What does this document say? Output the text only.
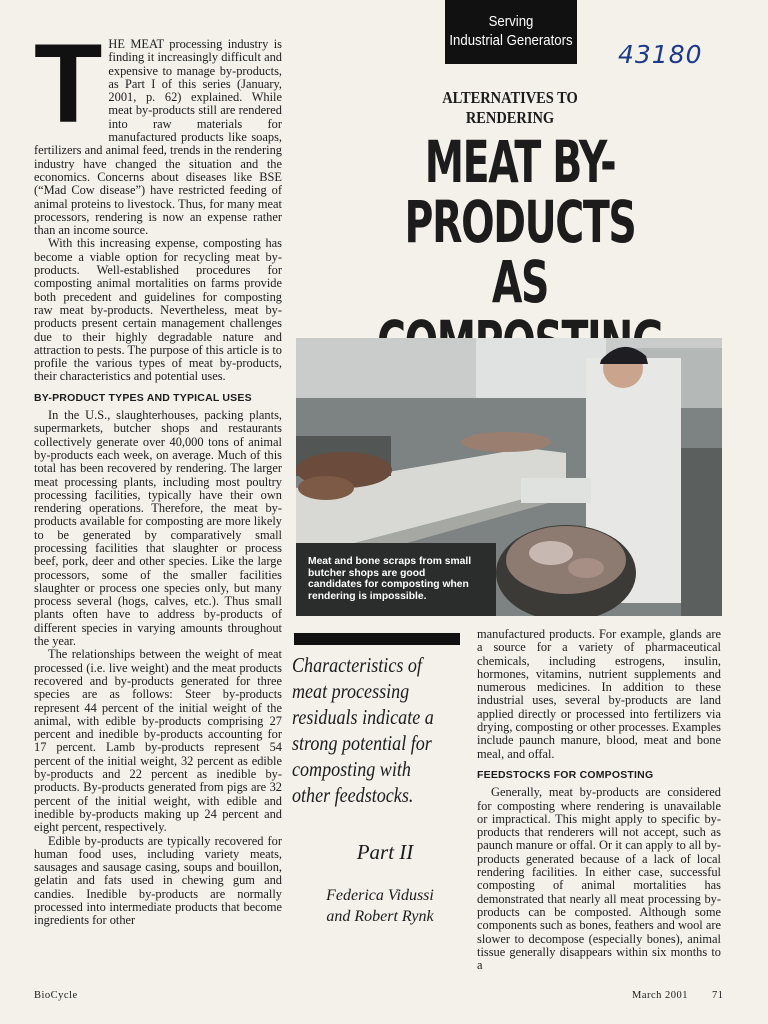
Serving
Industrial Generators 43180
ALTERNATIVES TO RENDERING
MEAT BY-PRODUCTS
AS
T HE MEAT processing industry is finding it increasingly difficult and expensive to manage by-products, as Part I of this series (January, 2001, p. 62) explained. While meat by-products still are rendered into raw materials for manufactured products like soaps, fertilizers and animal feed, trends in the rendering industry have changed the situation and the economics. Concerns about diseases like BSE (“Mad Cow disease”) have restricted feeding of animal proteins to livestock. Thus, for many meat processors, rendering is now an expense rather than an income source.

With this increasing expense, composting has become a viable option for recycling meat by-products. Well-established procedures for composting animal mortalities on farms provide both precedent and guidelines for composting raw meat by-products. Nevertheless, meat by-products present certain management challenges due to their highly degradable nature and attraction to pests. The purpose of this article is to profile the various types of meat by-products, their characteristics and potential uses.

BY-PRODUCT TYPES AND TYPICAL USES

In the U.S., slaughterhouses, packing plants, supermarkets, butcher shops and restaurants collectively generate over 40,000 tons of animal by-products each week, on average. Much of this total has been recovered by rendering. The larger meat processing plants, including most poultry processing facilities, typically have their own rendering operations. Therefore, the meat by-products available for composting are more likely to be generated by comparatively small processing facilities that slaughter or process beef, pork, deer and other species. Like the large processors, some of the smaller facilities slaughter or process one species only, but many process several (hogs, calves, etc.). Thus small plants often have to address by-products of different species in varying amounts throughout the year.

The relationships between the weight of meat processed (i.e. live weight) and the meat products recovered and by-products generated for three species are as follows: Steer by-products represent 44 percent of the initial weight of the animal, with edible by-products comprising 27 percent and inedible by-products accounting for 17 percent. Lamb by-products represent 54 percent of the initial weight, 32 percent as edible by-products and 22 percent as inedible by-products. By-products generated from pigs are 32 percent of the initial weight, with edible and inedible by-products making up 24 percent and eight percent, respectively.

Edible by-products are typically recovered for human food uses, including variety meats, sausages and sausage casing, soups and bouillon, gelatin and fats used in chewing gum and candies. Inedible by-products are normally processed into intermediate products that become ingredients for other

Meat and bone scraps from small butcher shops are good candidates for composting when rendering is impossible.
Characteristics of meat processing residuals indicate a strong potential for composting with other feedstocks.
Part II
Federica Vidussi
and Robert Rynk

manufactured products. For example, glands are a source for a variety of pharmaceutical chemicals, including estrogens, insulin, hormones, vitamins, nutrient supplements and numerous medicines. In addition to these industrial uses, several by-products are land applied directly or processed into fertilizers via drying, composting or other processes. Examples include paunch manure, blood, meat and bone meal, and offal.

FEEDSTOCKS FOR COMPOSTING

Generally, meat by-products are considered for composting where rendering is unavailable or impractical. This might apply to specific by-products that renderers will not accept, such as paunch manure or offal. Or it can apply to all by-products generated because of a lack of local rendering facilities. In either case, successful composting of animal mortalities has demonstrated that nearly all meat processing by-products can be composted. Although some components such as bones, feathers and wool are slower to decompose (especially bones), animal tissue generally disappears within six months to a

BioCycle	March 2001 71
